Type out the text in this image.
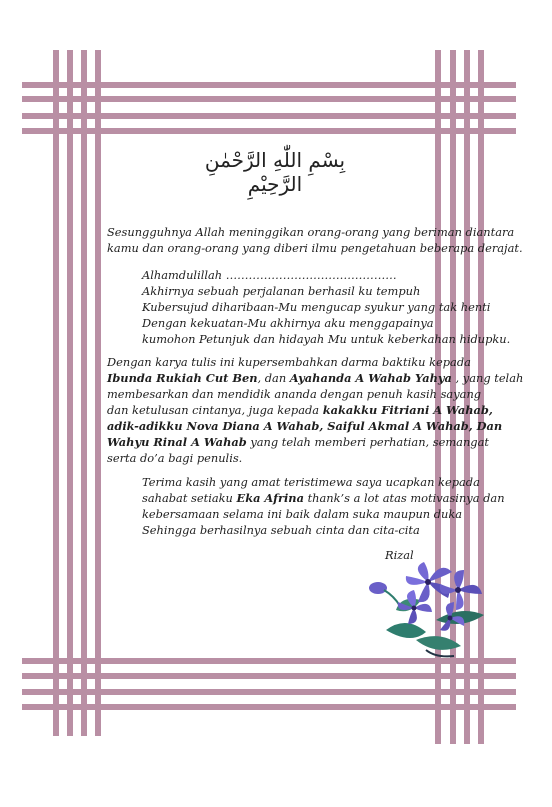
بِسْمِ اللّٰهِ الرَّحْمٰنِ الرَّحِيْمِ
Sesungguhnya Allah meninggikan orang-orang yang beriman diantara
kamu dan orang-orang yang diberi ilmu pengetahuan beberapa derajat.
Alhamdulillah ………………………………………
Akhirnya sebuah perjalanan berhasil ku tempuh
Kubersujud diharibaan-Mu mengucap syukur yang tak henti
Dengan kekuatan-Mu akhirnya aku menggapainya
kumohon Petunjuk dan hidayah Mu untuk keberkahan hidupku.
Dengan karya tulis ini kupersembahkan darma baktiku kepada
Ibunda Rukiah Cut Ben, dan Ayahanda A Wahab Yahya , yang telah
membesarkan dan mendidik ananda dengan penuh kasih sayang
dan ketulusan cintanya, juga kepada kakakku Fitriani A Wahab,
adik-adikku Nova Diana A Wahab, Saiful Akmal A Wahab, Dan
Wahyu Rinal A Wahab yang telah memberi perhatian, semangat
serta do’a bagi penulis.
Terima kasih yang amat teristimewa saya ucapkan kepada
sahabat setiaku Eka Afrina thank’s a lot atas motivasinya dan
kebersamaan selama ini baik dalam suka maupun duka
Sehingga berhasilnya sebuah cinta dan cita-cita
Rizal
